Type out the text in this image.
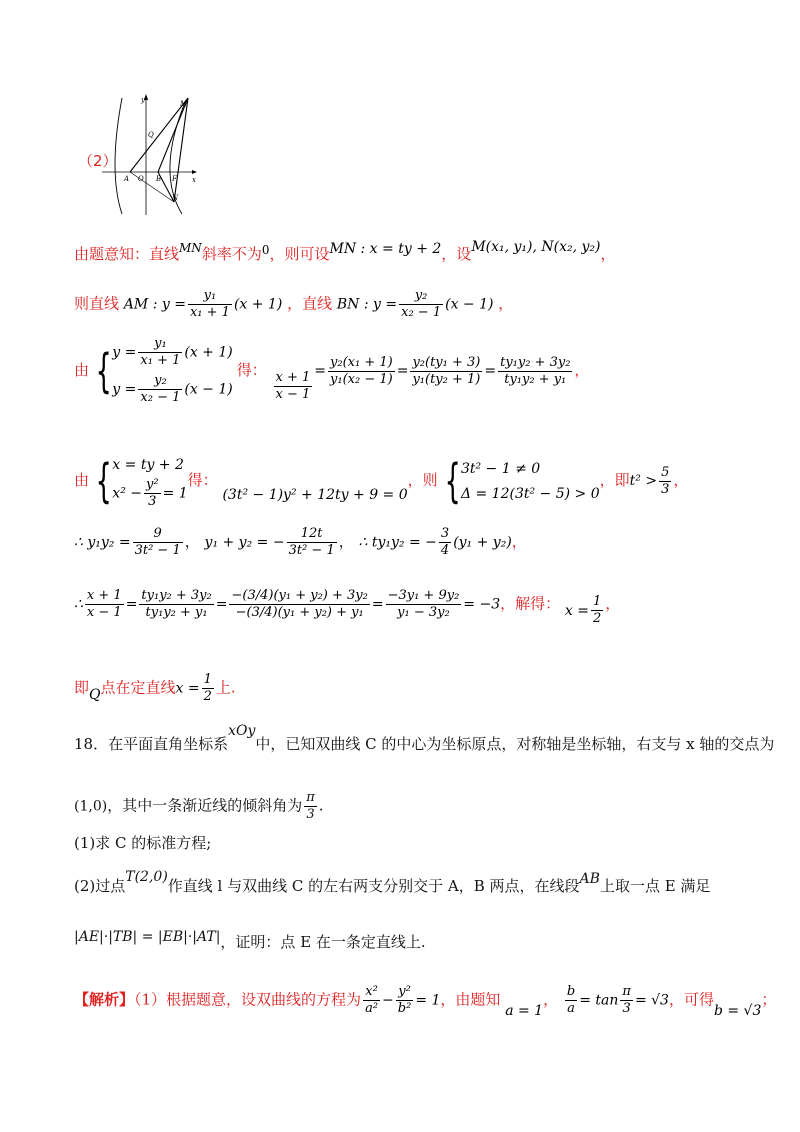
（2）
y
x
M
Q
A O B F
N
由题意知：直线$^{MN}$斜率不为$^0$，则可设MN : x = ty + 2，设M(x₁, y₁), N(x₂, y₂)，
则直线 AM : $y = \frac{\text{y₁}}{\text{x₁ + 1}} (x + 1)$ ，直线 BN : $y = \frac{\text{y₂}}{\text{x₂ − 1}} (x - 1)$ ，
由 { $y = \frac{\text{y₁}}{\text{x₁ + 1}} (x + 1)$
$y = \frac{\text{y₂}}{\text{x₂ − 1}} (x - 1)$
得： $\frac{x + 1}{x - 1} = \frac{\text{y₂(x₁ + 1)}}{\text{y₁(x₂ − 1)}} = \frac{\text{y₂(ty₁ + 3)}}{\text{y₁(ty₂ + 1)}} = \frac{\text{ty₁y₂ + 3y₂}}{\text{ty₁y₂ + y₁}}$ ，
由 { x = ty + 2
$x^2 - \frac{\text{y²}}{3} = 1$
得： (3t² − 1)y² + 12ty + 9 = 0，则 { 3t² − 1 ≠ 0
Δ = 12(3t² − 5) > 0
，即$t^2 > \frac{5}{3}$ ，
∴ $y_1y_2 = \frac{9}{\text{3t² − 1}}$ ， y₁ + y₂ = − $\frac{12t}{\text{3t² − 1}}$ ， ∴ ty₁y₂ = − $\frac{3}{4} (y_1 + y_2)$，
∴ $\frac{x + 1}{x - 1} = \frac{\text{ty₁y₂ + 3y₂}}{\text{ty₁y₂ + y₁}} = \frac{\text{−(3/4)(y₁ + y₂) + 3y₂}}{\text{−(3/4)(y₁ + y₂) + y₁}} = \frac{\text{−3y₁ + 9y₂}}{\text{y₁ − 3y₂}} = -3$，解得： $x = \frac{1}{2}$ ，
即Q点在定直线$x = \frac{1}{2}$ 上.
18．在平面直角坐标系xOy中，已知双曲线 C 的中心为坐标原点，对称轴是坐标轴，右支与 x 轴的交点为
(1,0)，其中一条渐近线的倾斜角为 $\frac{\pi}{3}$ .
(1)求 C 的标准方程;
(2)过点T(2,0)作直线 l 与双曲线 C 的左右两支分别交于 A，B 两点，在线段AB上取一点 E 满足
|AE|·|TB| = |EB|·|AT|，证明：点 E 在一条定直线上.
【解析】（1）根据题意，设双曲线的方程为 $\frac{\text{x²}}{\text{a²}} - \frac{\text{y²}}{\text{b²}} = 1$，由题知 a = 1， $\frac{b}{a} = \tan \frac{\pi}{3} = √3$，可得b = √3；
